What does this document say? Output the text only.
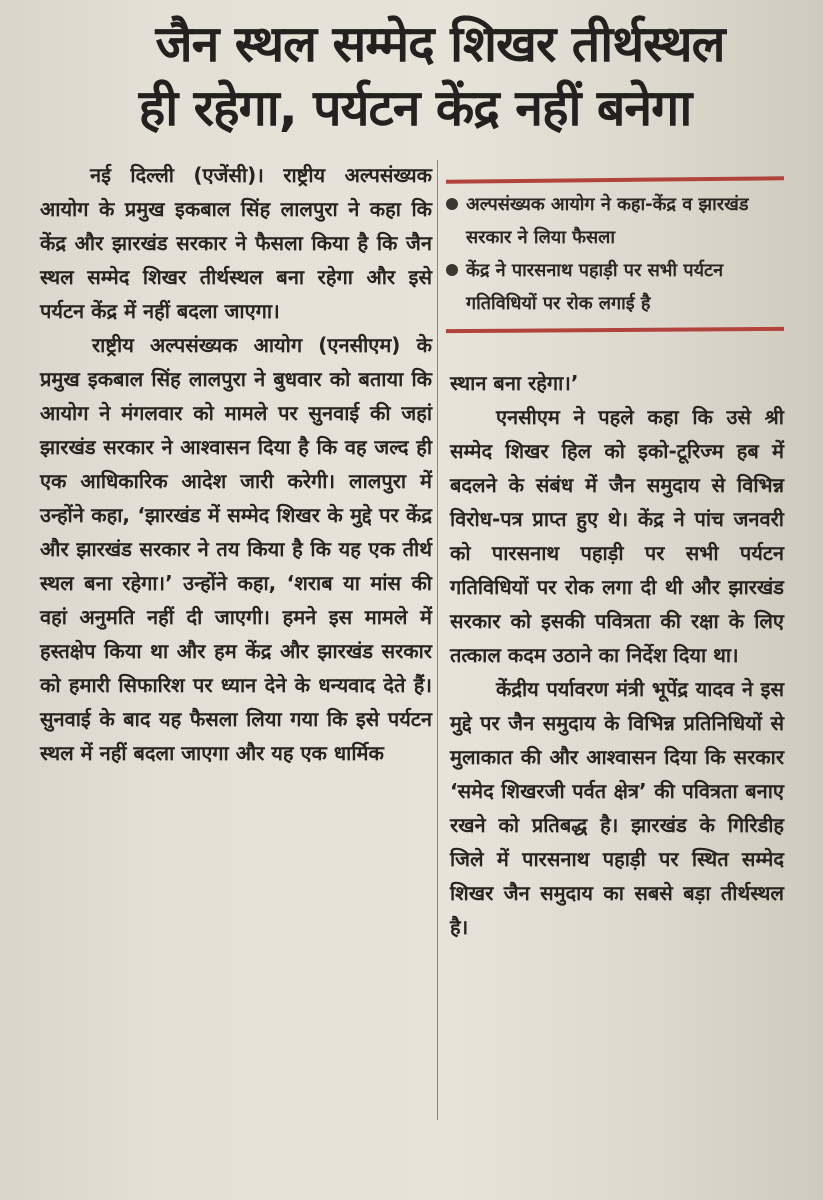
जैन स्थल सम्मेद शिखर तीर्थस्थल
ही रहेगा, पर्यटन केंद्र नहीं बनेगा

नई दिल्ली (एजेंसी)। राष्ट्रीय अल्पसंख्यक आयोग के प्रमुख इकबाल सिंह लालपुरा ने कहा कि केंद्र और झारखंड सरकार ने फैसला किया है कि जैन स्थल सम्मेद शिखर तीर्थस्थल बना रहेगा और इसे पर्यटन केंद्र में नहीं बदला जाएगा।

राष्ट्रीय अल्पसंख्यक आयोग (एनसीएम) के प्रमुख इकबाल सिंह लालपुरा ने बुधवार को बताया कि आयोग ने मंगलवार को मामले पर सुनवाई की जहां झारखंड सरकार ने आश्वासन दिया है कि वह जल्द ही एक आधिकारिक आदेश जारी करेगी। लालपुरा में उन्होंने कहा, ‘झारखंड में सम्मेद शिखर के मुद्दे पर केंद्र और झारखंड सरकार ने तय किया है कि यह एक तीर्थ स्थल बना रहेगा।’ उन्होंने कहा, ‘शराब या मांस की वहां अनुमति नहीं दी जाएगी। हमने इस मामले में हस्तक्षेप किया था और हम केंद्र और झारखंड सरकार को हमारी सिफारिश पर ध्यान देने के धन्यवाद देते हैं। सुनवाई के बाद यह फैसला लिया गया कि इसे पर्यटन स्थल में नहीं बदला जाएगा और यह एक धार्मिक

अल्पसंख्यक आयोग ने कहा-केंद्र व झारखंड सरकार ने लिया फैसला
केंद्र ने पारसनाथ पहाड़ी पर सभी पर्यटन गतिविधियों पर रोक लगाई है

स्थान बना रहेगा।’

एनसीएम ने पहले कहा कि उसे श्री सम्मेद शिखर हिल को इको-टूरिज्म हब में बदलने के संबंध में जैन समुदाय से विभिन्न विरोध-पत्र प्राप्त हुए थे। केंद्र ने पांच जनवरी को पारसनाथ पहाड़ी पर सभी पर्यटन गतिविधियों पर रोक लगा दी थी और झारखंड सरकार को इसकी पवित्रता की रक्षा के लिए तत्काल कदम उठाने का निर्देश दिया था।

केंद्रीय पर्यावरण मंत्री भूपेंद्र यादव ने इस मुद्दे पर जैन समुदाय के विभिन्न प्रतिनिधियों से मुलाकात की और आश्वासन दिया कि सरकार ‘समेद शिखरजी पर्वत क्षेत्र’ की पवित्रता बनाए रखने को प्रतिबद्ध है। झारखंड के गिरिडीह जिले में पारसनाथ पहाड़ी पर स्थित सम्मेद शिखर जैन समुदाय का सबसे बड़ा तीर्थस्थल है।
